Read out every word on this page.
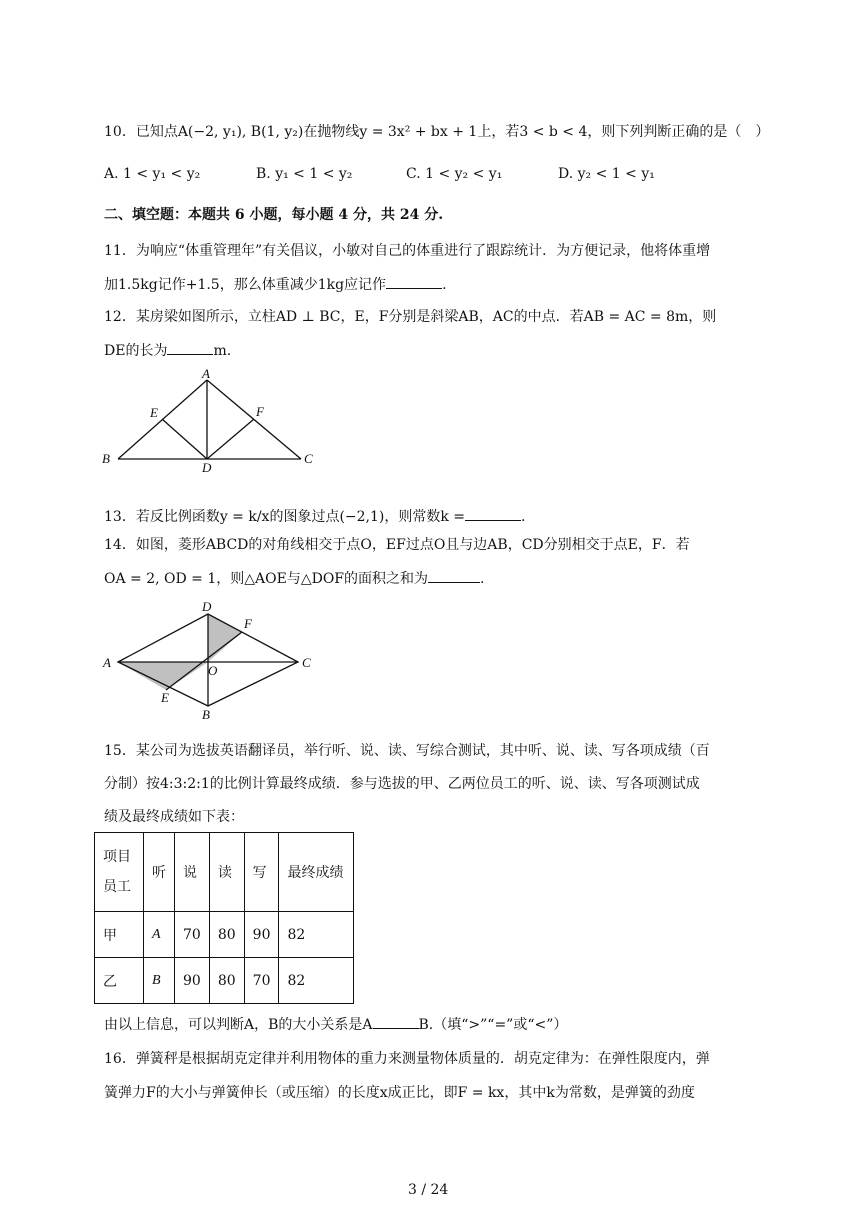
10．已知点A(−2, y₁), B(1, y₂)在抛物线y = 3x² + bx + 1上，若3 < b < 4，则下列判断正确的是（　）
A. 1 < y₁ < y₂	B. y₁ < 1 < y₂	C. 1 < y₂ < y₁	D. y₂ < 1 < y₁
二、填空题：本题共 6 小题，每小题 4 分，共 24 分.
11．为响应“体重管理年”有关倡议，小敏对自己的体重进行了跟踪统计．为方便记录，他将体重增
加1.5kg记作+1.5，那么体重减少1kg应记作	.
12．某房梁如图所示，立柱AD ⊥ BC，E，F分别是斜梁AB，AC的中点．若AB = AC = 8m，则
DE的长为	m.
A
B	C
D
E	F
13．若反比例函数y = k/x的图象过点(−2,1)，则常数k =	.
14．如图，菱形ABCD的对角线相交于点O，EF过点O且与边AB，CD分别相交于点E，F．若
OA = 2, OD = 1，则△AOE与△DOF的面积之和为	.
A
B
C
D
E
F
O
15．某公司为选拔英语翻译员，举行听、说、读、写综合测试，其中听、说、读、写各项成绩（百
分制）按4:3:2:1的比例计算最终成绩．参与选拔的甲、乙两位员工的听、说、读、写各项测试成
绩及最终成绩如下表：
项目
员工	听	说	读	写	最终成绩
甲	A	70	80	90	82
乙	B	90	80	70	82
由以上信息，可以判断A，B的大小关系是A	B.（填“>”“=”或“<”）
16．弹簧秤是根据胡克定律并利用物体的重力来测量物体质量的．胡克定律为：在弹性限度内，弹
簧弹力F的大小与弹簧伸长（或压缩）的长度x成正比，即F = kx，其中k为常数，是弹簧的劲度
3 / 24
